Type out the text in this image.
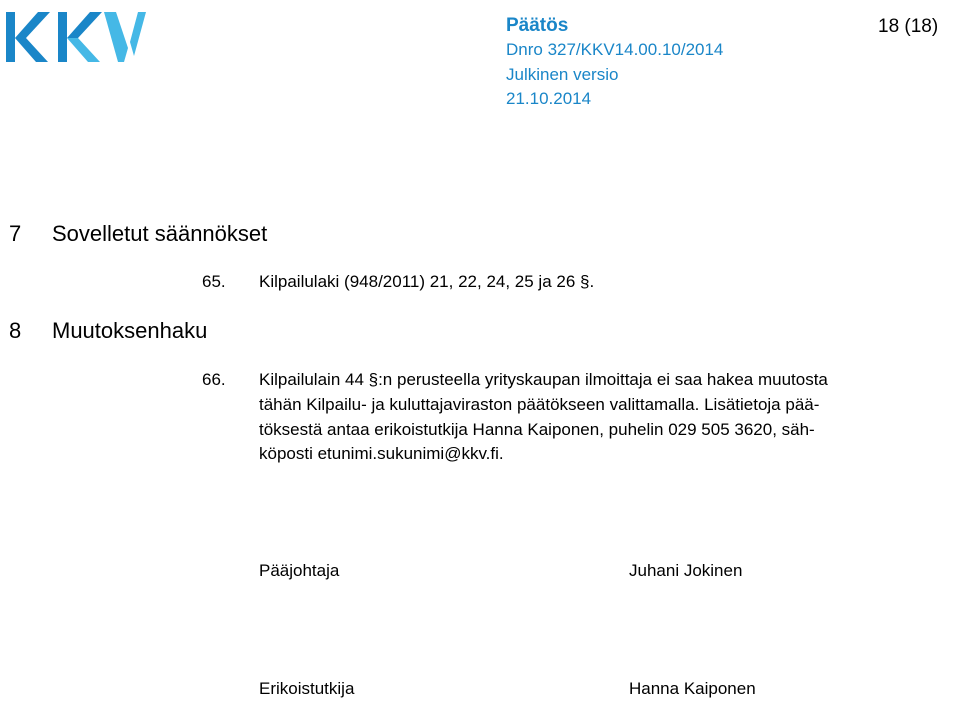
Päätös
Dnro 327/KKV14.00.10/2014
Julkinen versio
21.10.2014
18 (18)
7 Sovelletut säännökset
65. Kilpailulaki (948/2011) 21, 22, 24, 25 ja 26 §.
8 Muutoksenhaku
66. Kilpailulain 44 §:n perusteella yrityskaupan ilmoittaja ei saa hakea muutosta
tähän Kilpailu- ja kuluttajaviraston päätökseen valittamalla. Lisätietoja pää-
töksestä antaa erikoistutkija Hanna Kaiponen, puhelin 029 505 3620, säh-
köposti etunimi.sukunimi@kkv.fi.
Pääjohtaja	Juhani Jokinen
Erikoistutkija	Hanna Kaiponen
